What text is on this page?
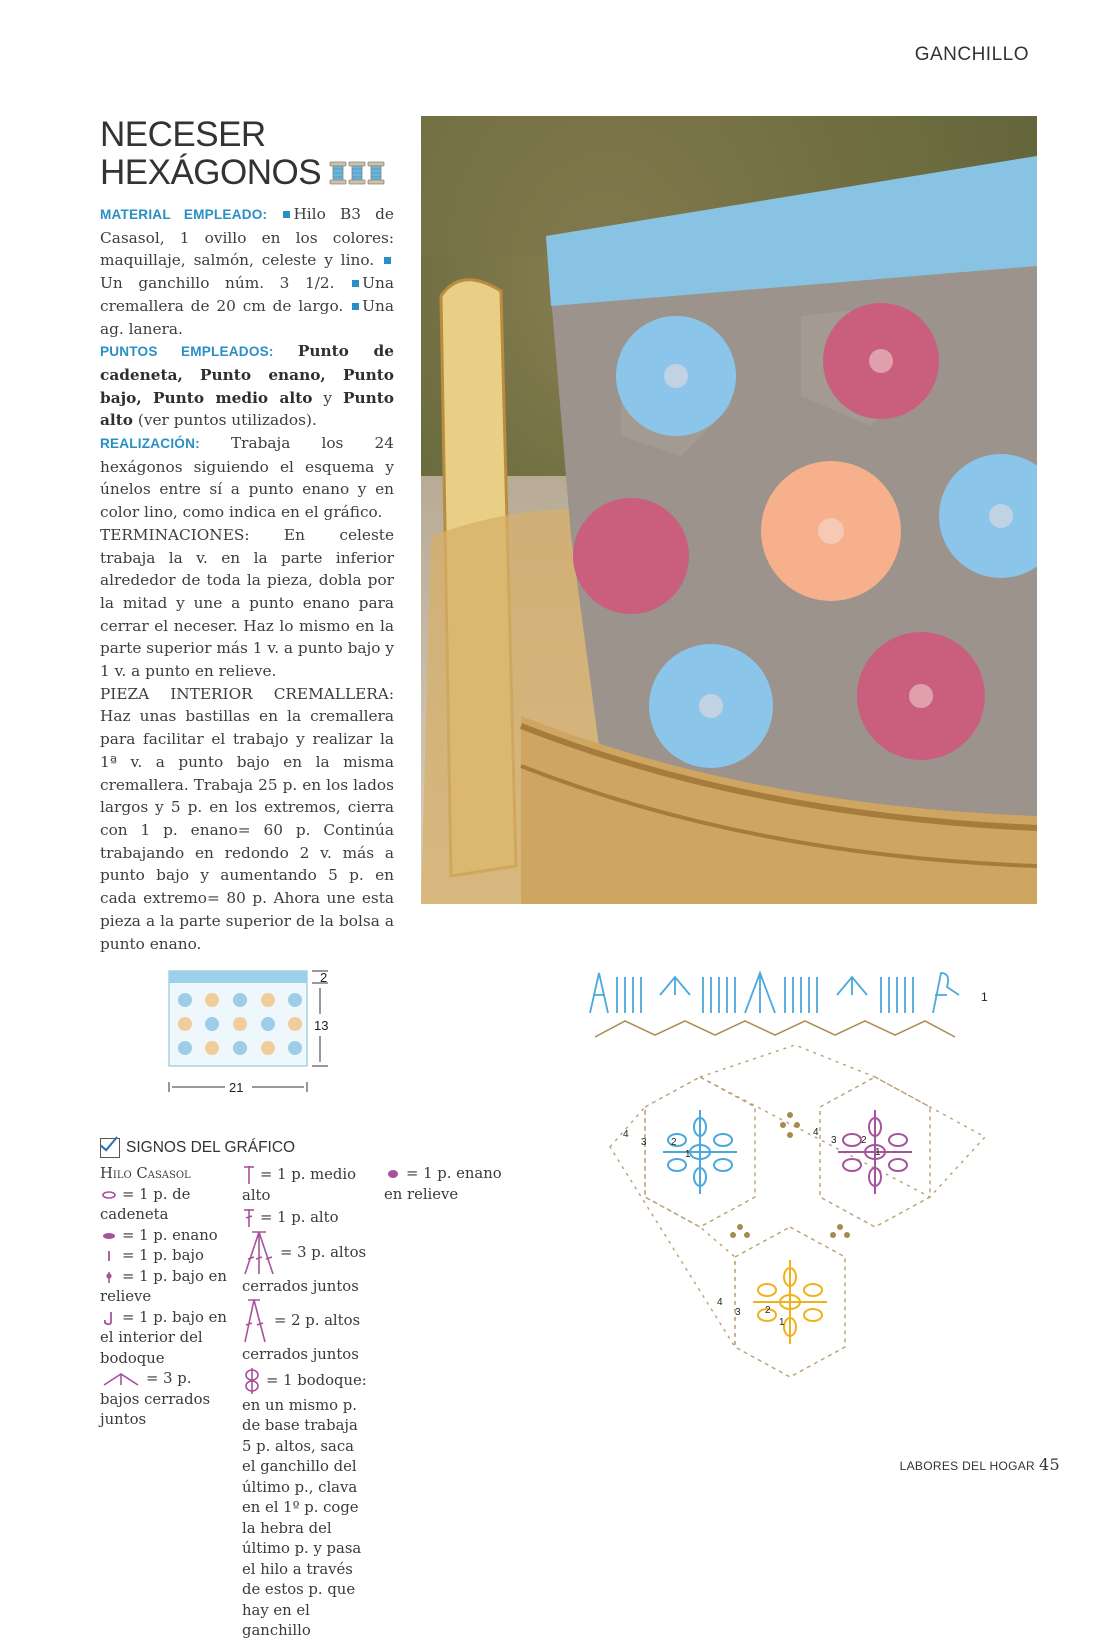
GANCHILLO
NECESER
HEXÁGONOS

MATERIAL EMPLEADO: Hilo B3 de Casasol, 1 ovillo en los colores: maquillaje, salmón, celeste y lino. Un ganchillo núm. 3 1/2. Una cremallera de 20 cm de largo. Una ag. lanera.

PUNTOS EMPLEADOS: Punto de cadeneta, Punto enano, Punto bajo, Punto medio alto y Punto alto (ver puntos utilizados).

REALIZACIÓN: Trabaja los 24 hexágonos siguiendo el esquema y únelos entre sí a punto enano y en color lino, como indica en el gráfico.

TERMINACIONES: En celeste trabaja la v. en la parte inferior alrededor de toda la pieza, dobla por la mitad y une a punto enano para cerrar el neceser. Haz lo mismo en la parte superior más 1 v. a punto bajo y 1 v. a punto en relieve.

PIEZA INTERIOR CREMALLERA: Haz unas bastillas en la cremallera para facilitar el trabajo y realizar la 1ª v. a punto bajo en la misma cremallera. Trabaja 25 p. en los lados largos y 5 p. en los extremos, cierra con 1 p. enano= 60 p. Continúa trabajando en redondo 2 v. más a punto bajo y aumentando 5 p. en cada extremo= 80 p. Ahora une esta pieza a la parte superior de la bolsa a punto enano.

2
13
21
SIGNOS DEL GRÁFICO

Hilo Casasol

= 1 p. de cadeneta

= 1 p. enano

= 1 p. bajo

= 1 p. bajo en relieve

= 1 p. bajo en el interior del bodoque

= 3 p. bajos cerrados juntos

= 1 p. medio alto

= 1 p. alto

= 3 p. altos cerrados juntos

= 2 p. altos cerrados juntos

= 1 bodoque: en un mismo p. de base trabaja 5 p. altos, saca el ganchillo del último p., clava en el 1º p. coge la hebra del último p. y pasa el hilo a través de estos p. que hay en el ganchillo

= 1 p. enano en relieve

1
4
3 2
1
4
3 2
1
4
3 2
1
LABORES DEL HOGAR 45
